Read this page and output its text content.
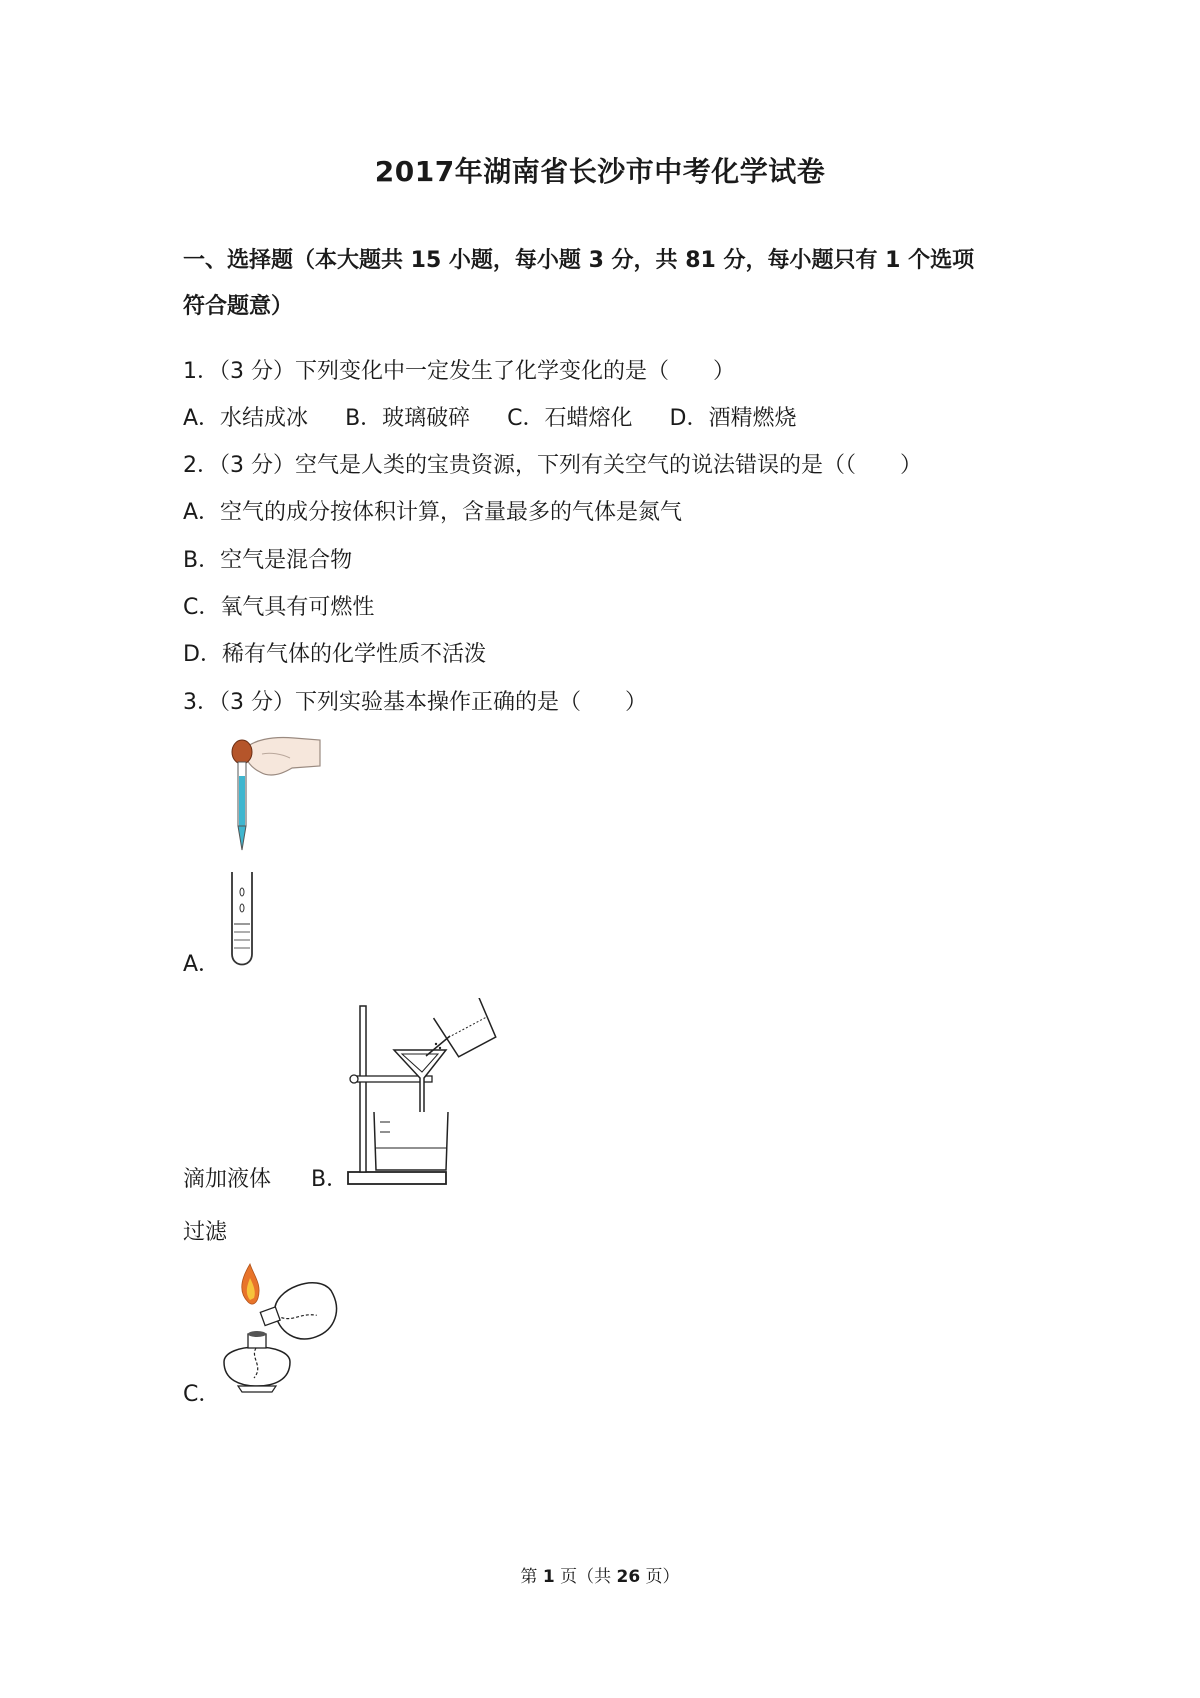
2017年湖南省长沙市中考化学试卷
一、选择题（本大题共 15 小题，每小题 3 分，共 81 分，每小题只有 1 个选项
符合题意）
1．（3 分）下列变化中一定发生了化学变化的是（　　）
A．水结成冰 B．玻璃破碎 C．石蜡熔化 D．酒精燃烧
2．（3 分）空气是人类的宝贵资源，下列有关空气的说法错误的是（（　　）
A．空气的成分按体积计算，含量最多的气体是氮气
B．空气是混合物
C．氧气具有可燃性
D．稀有气体的化学性质不活泼
3．（3 分）下列实验基本操作正确的是（　　）
A．
滴加液体 B．
过滤
C．
第 1 页（共 26 页）
